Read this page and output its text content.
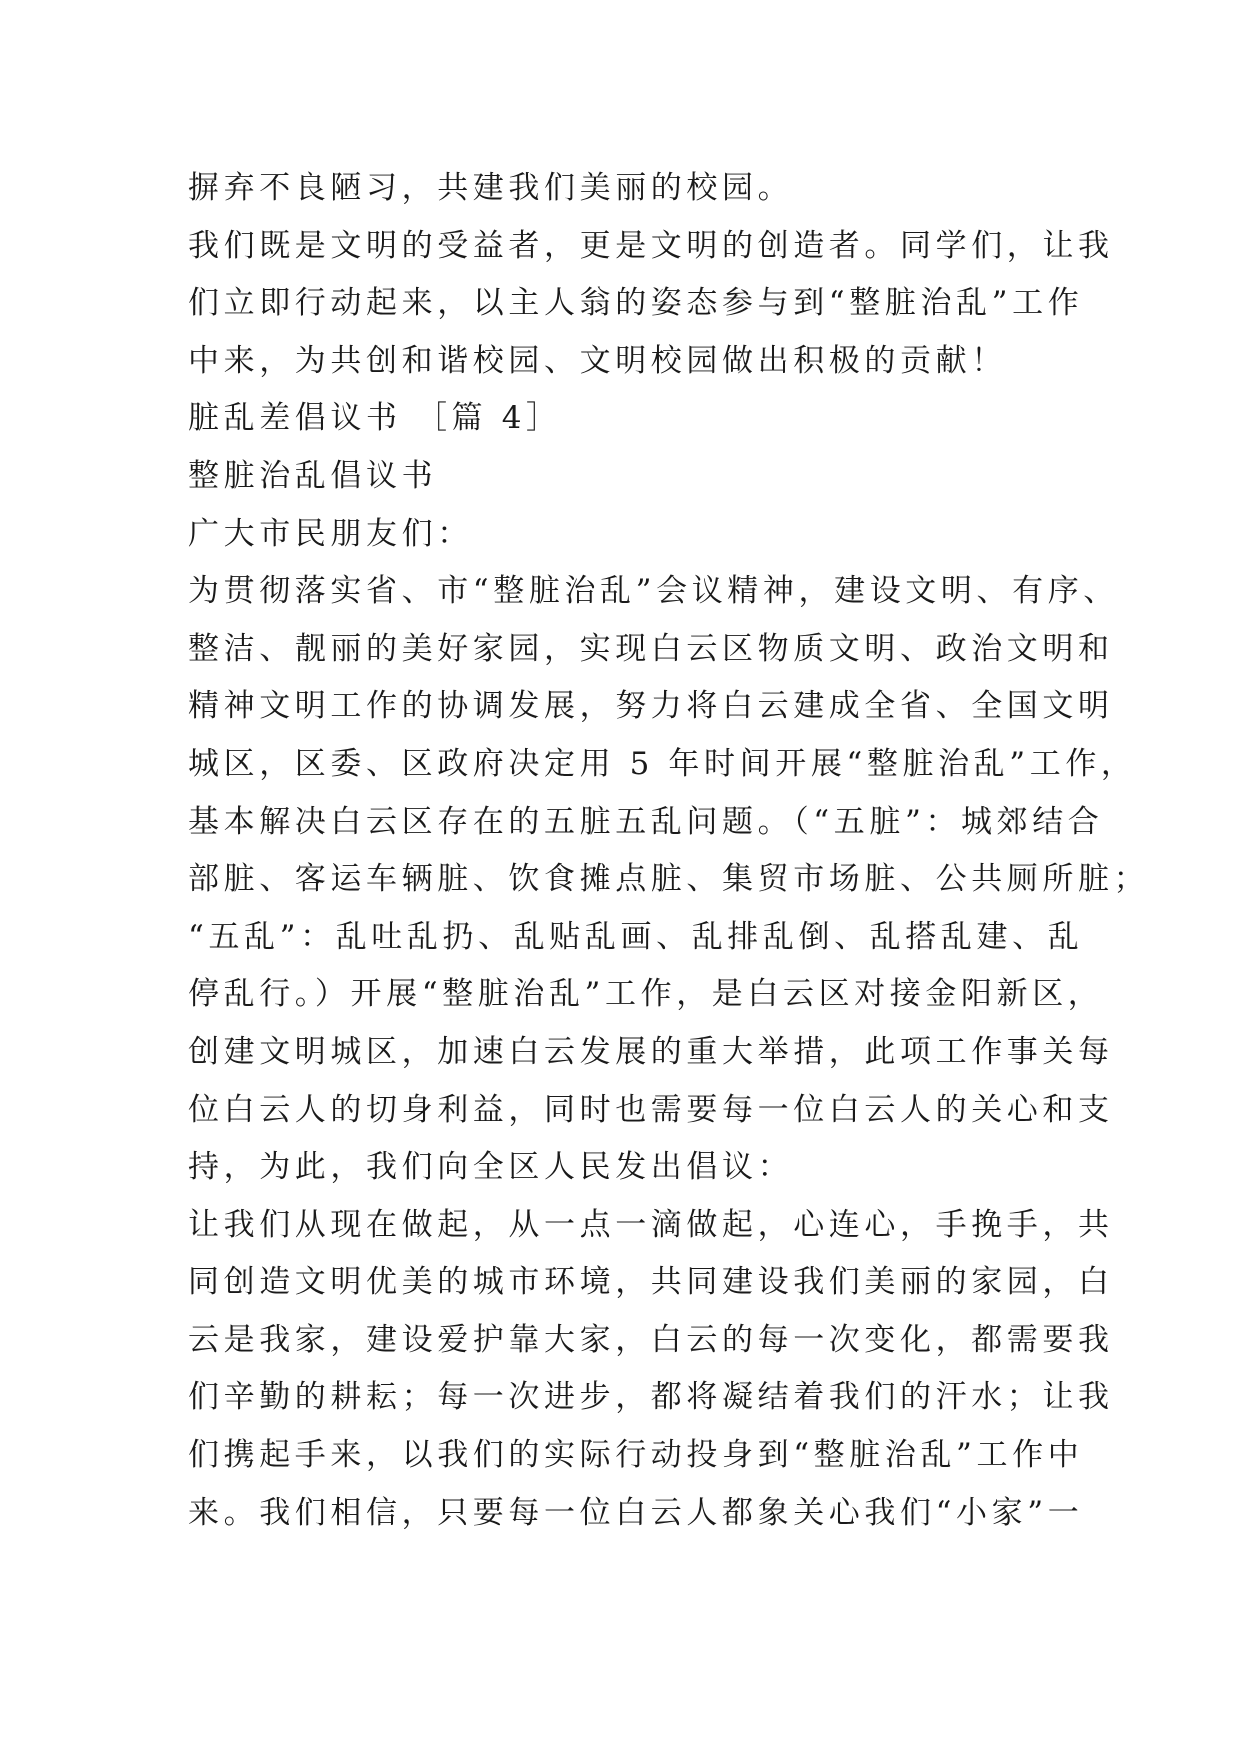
摒弃不良陋习，共建我们美丽的校园。
我们既是文明的受益者，更是文明的创造者。同学们，让我
们立即行动起来，以主人翁的姿态参与到“整脏治乱”工作
中来，为共创和谐校园、文明校园做出积极的贡献！
脏乱差倡议书 ［篇 4］
整脏治乱倡议书
广大市民朋友们：
为贯彻落实省、市“整脏治乱”会议精神，建设文明、有序、
整洁、靓丽的美好家园，实现白云区物质文明、政治文明和
精神文明工作的协调发展，努力将白云建成全省、全国文明
城区，区委、区政府决定用 5 年时间开展“整脏治乱”工作，
基本解决白云区存在的五脏五乱问题。（“五脏”：城郊结合
部脏、客运车辆脏、饮食摊点脏、集贸市场脏、公共厕所脏；
“五乱”：乱吐乱扔、乱贴乱画、乱排乱倒、乱搭乱建、乱
停乱行。）开展“整脏治乱”工作，是白云区对接金阳新区，
创建文明城区，加速白云发展的重大举措，此项工作事关每
位白云人的切身利益，同时也需要每一位白云人的关心和支
持，为此，我们向全区人民发出倡议：
让我们从现在做起，从一点一滴做起，心连心，手挽手，共
同创造文明优美的城市环境，共同建设我们美丽的家园，白
云是我家，建设爱护靠大家，白云的每一次变化，都需要我
们辛勤的耕耘；每一次进步，都将凝结着我们的汗水；让我
们携起手来，以我们的实际行动投身到“整脏治乱”工作中
来。我们相信，只要每一位白云人都象关心我们“小家”一
